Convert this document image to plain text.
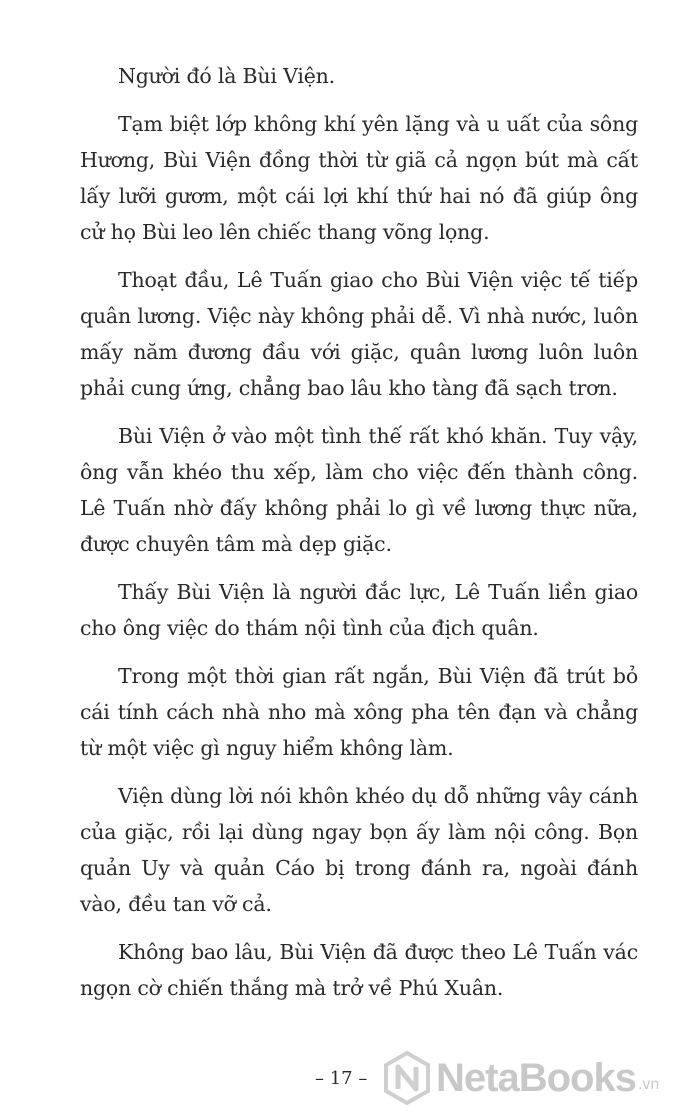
Người đó là Bùi Viện.

Tạm biệt lớp không khí yên lặng và u uất của sông Hương, Bùi Viện đồng thời từ giã cả ngọn bút mà cất lấy lưỡi gươm, một cái lợi khí thứ hai nó đã giúp ông cử họ Bùi leo lên chiếc thang võng lọng.

Thoạt đầu, Lê Tuấn giao cho Bùi Viện việc tế tiếp quân lương. Việc này không phải dễ. Vì nhà nước, luôn mấy năm đương đầu với giặc, quân lương luôn luôn phải cung ứng, chẳng bao lâu kho tàng đã sạch trơn.

Bùi Viện ở vào một tình thế rất khó khăn. Tuy vậy, ông vẫn khéo thu xếp, làm cho việc đến thành công. Lê Tuấn nhờ đấy không phải lo gì về lương thực nữa, được chuyên tâm mà dẹp giặc.

Thấy Bùi Viện là người đắc lực, Lê Tuấn liền giao cho ông việc do thám nội tình của địch quân.

Trong một thời gian rất ngắn, Bùi Viện đã trút bỏ cái tính cách nhà nho mà xông pha tên đạn và chẳng từ một việc gì nguy hiểm không làm.

Viện dùng lời nói khôn khéo dụ dỗ những vây cánh của giặc, rồi lại dùng ngay bọn ấy làm nội công. Bọn quản Uy và quản Cáo bị trong đánh ra, ngoài đánh vào, đều tan vỡ cả.

Không bao lâu, Bùi Viện đã được theo Lê Tuấn vác ngọn cờ chiến thắng mà trở về Phú Xuân.

– 17 – NetaBooks .vn
